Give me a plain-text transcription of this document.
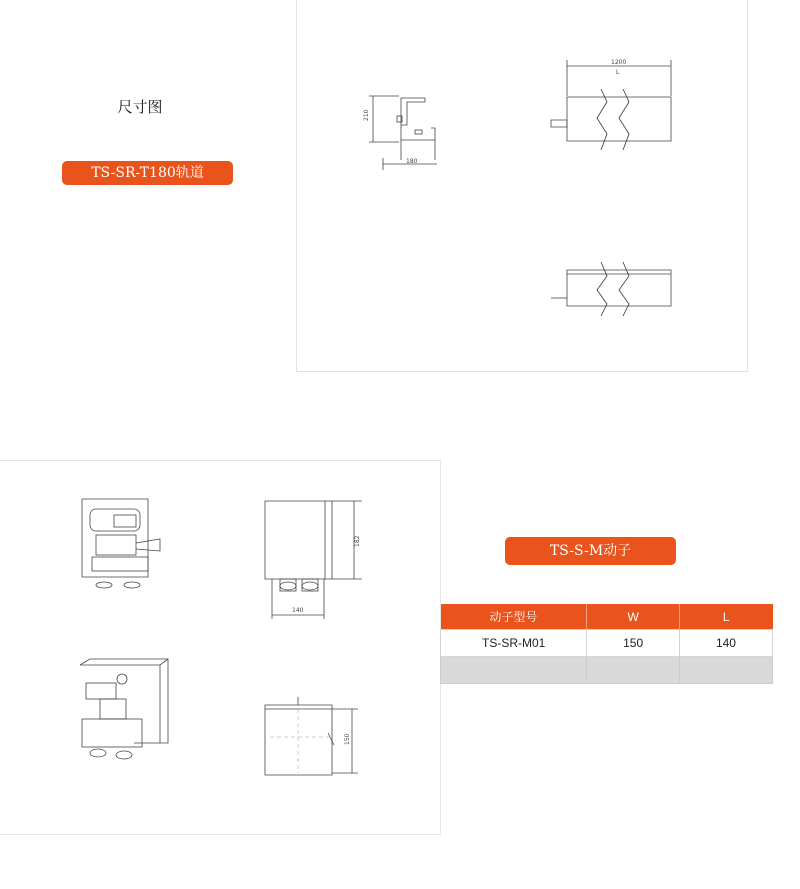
尺寸图
TS-SR-T180轨道
210
180
1200
L
182
140
150
TS-S-M动子
动子型号	W	L
TS-SR-M01	150	140
